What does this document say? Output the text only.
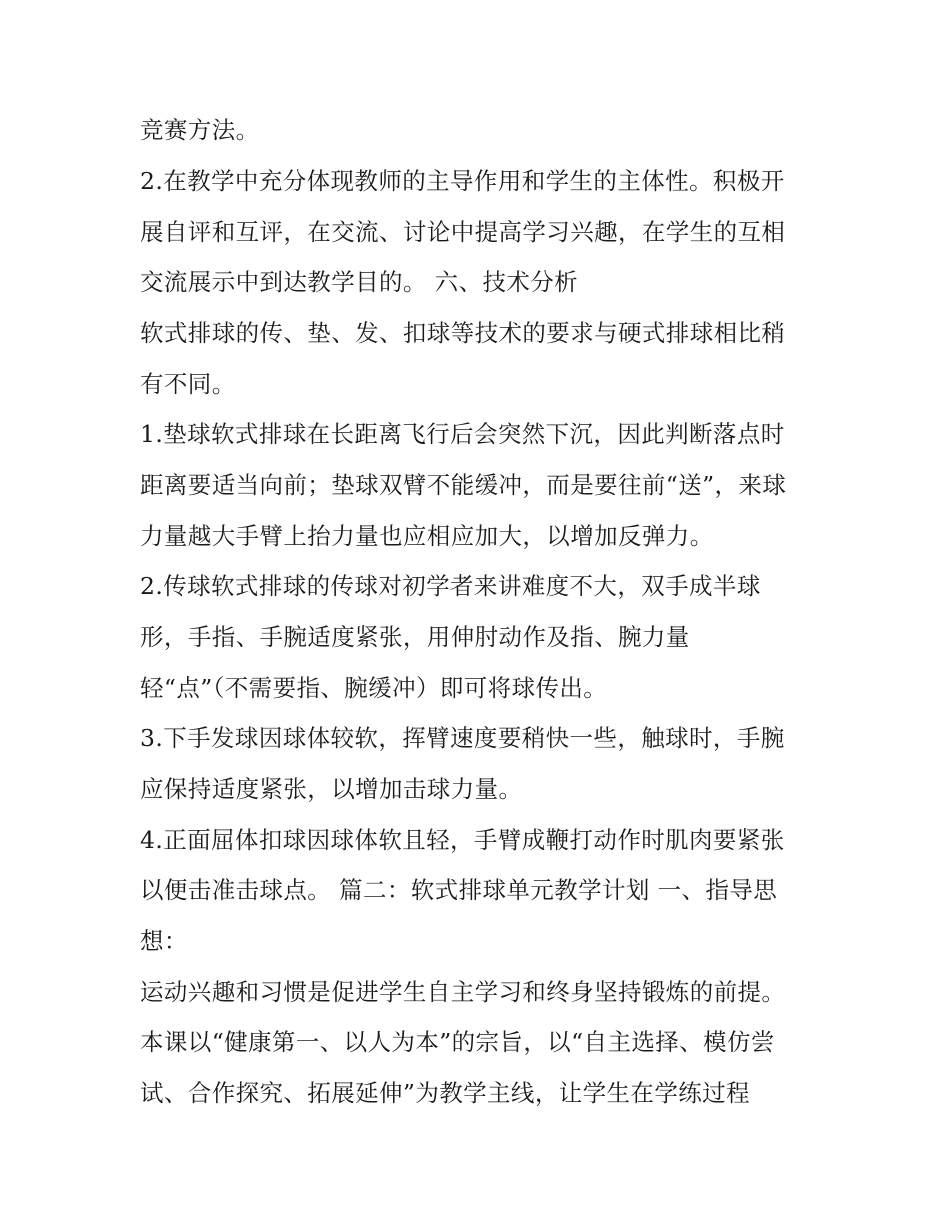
竞赛方法。
2.在教学中充分体现教师的主导作用和学生的主体性。积极开
展自评和互评，在交流、讨论中提高学习兴趣，在学生的互相
交流展示中到达教学目的。 六、技术分析
软式排球的传、垫、发、扣球等技术的要求与硬式排球相比稍
有不同。
1.垫球软式排球在长距离飞行后会突然下沉，因此判断落点时
距离要适当向前；垫球双臂不能缓冲，而是要往前“送”，来球
力量越大手臂上抬力量也应相应加大，以增加反弹力。
2.传球软式排球的传球对初学者来讲难度不大，双手成半球
形，手指、手腕适度紧张，用伸肘动作及指、腕力量
轻“点”（不需要指、腕缓冲）即可将球传出。
3.下手发球因球体较软，挥臂速度要稍快一些，触球时，手腕
应保持适度紧张，以增加击球力量。
4.正面屈体扣球因球体软且轻，手臂成鞭打动作时肌肉要紧张
以便击准击球点。 篇二：软式排球单元教学计划 一、指导思
想：
运动兴趣和习惯是促进学生自主学习和终身坚持锻炼的前提。
本课以“健康第一、以人为本”的宗旨，以“自主选择、模仿尝
试、合作探究、拓展延伸”为教学主线，让学生在学练过程
